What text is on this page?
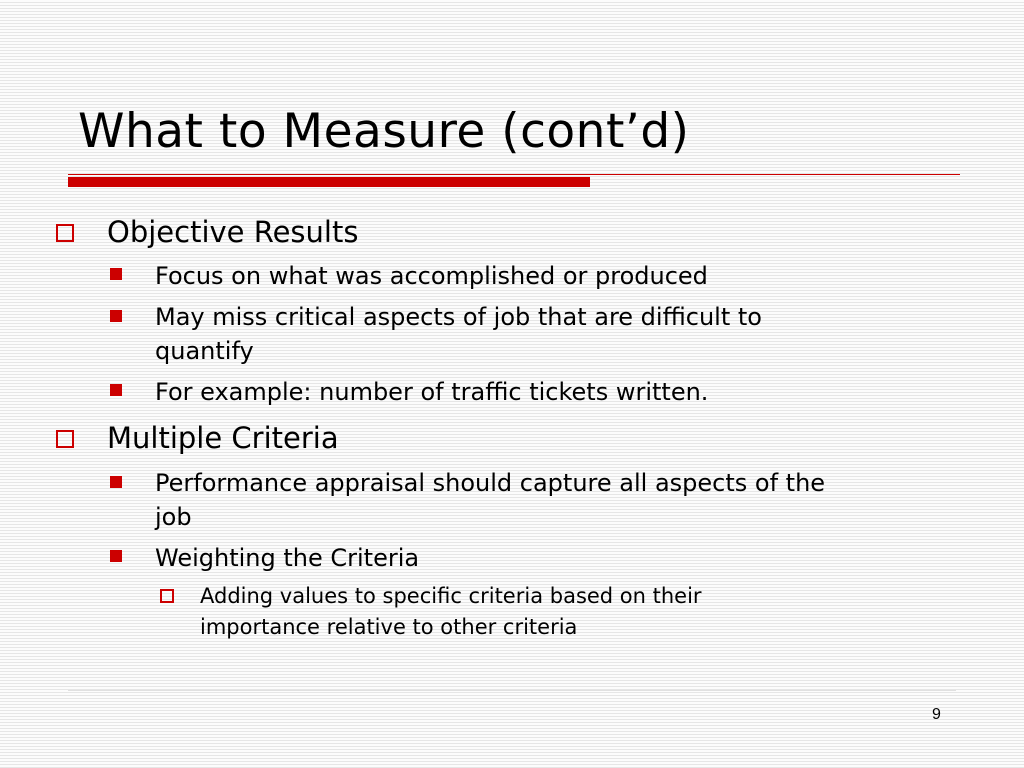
What to Measure (cont’d)
Objective Results
Focus on what was accomplished or produced
May miss critical aspects of job that are difficult to
quantify
For example: number of traffic tickets written.
Multiple Criteria
Performance appraisal should capture all aspects of the
job
Weighting the Criteria
Adding values to specific criteria based on their
importance relative to other criteria
9
